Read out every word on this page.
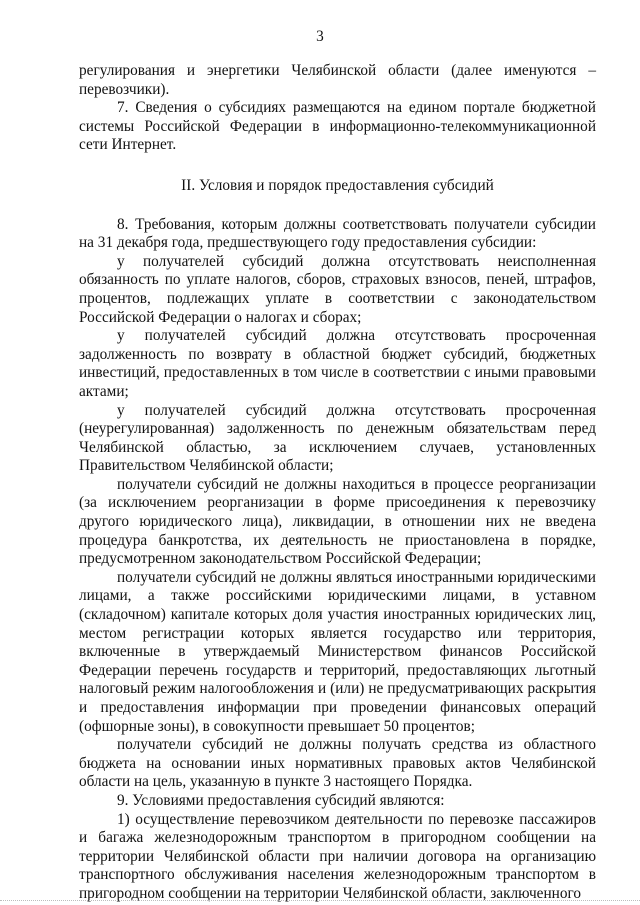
3

регулирования и энергетики Челябинской области (далее именуются – перевозчики).

7. Сведения о субсидиях размещаются на едином портале бюджетной системы Российской Федерации в информационно-телекоммуникационной сети Интернет.

II. Условия и порядок предоставления субсидий

8. Требования, которым должны соответствовать получатели субсидии на 31 декабря года, предшествующего году предоставления субсидии:

у получателей субсидий должна отсутствовать неисполненная обязанность по уплате налогов, сборов, страховых взносов, пеней, штрафов, процентов, подлежащих уплате в соответствии с законодательством Российской Федерации о налогах и сборах;

у получателей субсидий должна отсутствовать просроченная задолженность по возврату в областной бюджет субсидий, бюджетных инвестиций, предоставленных в том числе в соответствии с иными правовыми актами;

у получателей субсидий должна отсутствовать просроченная (неурегулированная) задолженность по денежным обязательствам перед Челябинской областью, за исключением случаев, установленных Правительством Челябинской области;

получатели субсидий не должны находиться в процессе реорганизации (за исключением реорганизации в форме присоединения к перевозчику другого юридического лица), ликвидации, в отношении них не введена процедура банкротства, их деятельность не приостановлена в порядке, предусмотренном законодательством Российской Федерации;

получатели субсидий не должны являться иностранными юридическими лицами, а также российскими юридическими лицами, в уставном (складочном) капитале которых доля участия иностранных юридических лиц, местом регистрации которых является государство или территория, включенные в утверждаемый Министерством финансов Российской Федерации перечень государств и территорий, предоставляющих льготный налоговый режим налогообложения и (или) не предусматривающих раскрытия и предоставления информации при проведении финансовых операций (офшорные зоны), в совокупности превышает 50 процентов;

получатели субсидий не должны получать средства из областного бюджета на основании иных нормативных правовых актов Челябинской области на цель, указанную в пункте 3 настоящего Порядка.

9. Условиями предоставления субсидий являются:

1) осуществление перевозчиком деятельности по перевозке пассажиров и багажа железнодорожным транспортом в пригородном сообщении на территории Челябинской области при наличии договора на организацию транспортного обслуживания населения железнодорожным транспортом в пригородном сообщении на территории Челябинской области, заключенного
